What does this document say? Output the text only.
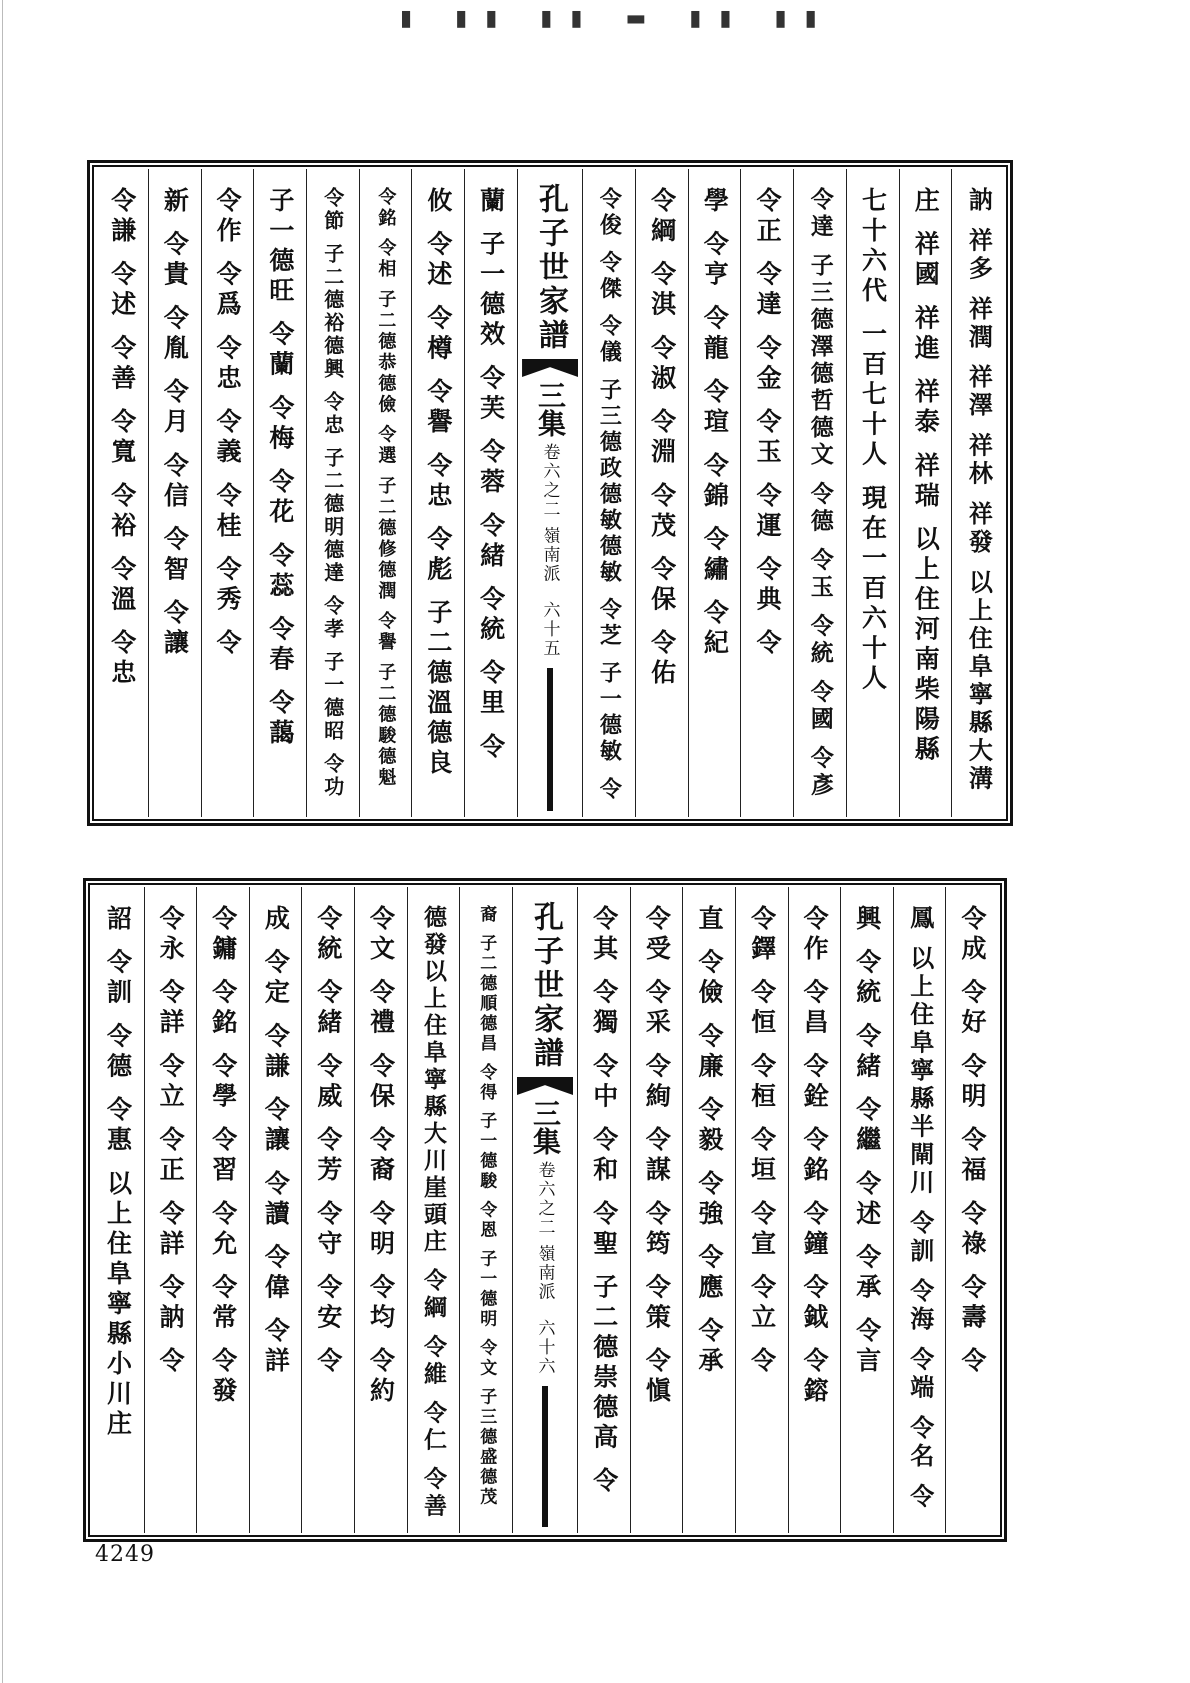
▮ ▮▮ ▮▮ ▬ ▮▮ ▮▮
訥 祥多 祥潤 祥澤 祥林 祥發 以上住阜寧縣大溝
庄 祥國 祥進 祥泰 祥瑞 以上住河南柴陽縣
七十六代 一百七十人 現在一百六十人
令達 子三德澤德哲德文 令德 令玉 令統 令國 令彥
令正 令達 令金 令玉 令運 令典 令
學 令亨 令龍 令瑄 令錦 令繡 令紀
令綱 令淇 令淑 令淵 令茂 令保 令佑
令俊 令傑 令儀 子三德政德敏德敏 令芝 子一德敏 令
孔子世家譜
三集
卷六之二 嶺南派
六十五
蘭 子一德效 令芙 令蓉 令緒 令統 令里 令
攸 令述 令樽 令譽 令忠 令彪 子二德溫德良
令銘 令相 子二德恭德儉 令選 子二德修德潤 令譽 子二德駿德魁
令節 子二德裕德興 令忠 子二德明德達 令孝 子一德昭 令功
子一德旺 令蘭 令梅 令花 令蕊 令春 令藹
令作 令爲 令忠 令義 令桂 令秀 令
新 令貴 令胤 令月 令信 令智 令讓
令謙 令述 令善 令寬 令裕 令溫 令忠
令成 令好 令明 令福 令祿 令壽 令
鳳 以上住阜寧縣半閘川 令訓 令海 令端 令名 令
興 令統 令緒 令繼 令述 令承 令言
令作 令昌 令銓 令銘 令鐘 令鉞 令鎔
令鐸 令恒 令桓 令垣 令宣 令立 令
直 令儉 令廉 令毅 令強 令應 令承
令受 令采 令絢 令謀 令筠 令策 令愼
令其 令獨 令中 令和 令聖 子二德崇德高 令
孔子世家譜
三集
卷六之二 嶺南派
六十六
裔 子二德順德昌 令得 子一德駿 令恩 子一德明 令文 子三德盛德茂
德發以上住阜寧縣大川崖頭庄 令綱 令維 令仁 令善
令文 令禮 令保 令裔 令明 令均 令約
令統 令緒 令威 令芳 令守 令安 令
成 令定 令謙 令讓 令讀 令偉 令詳
令鏞 令銘 令學 令習 令允 令常 令發
令永 令詳 令立 令正 令詳 令訥 令
詔 令訓 令德 令惠 以上住阜寧縣小川庄
4249
